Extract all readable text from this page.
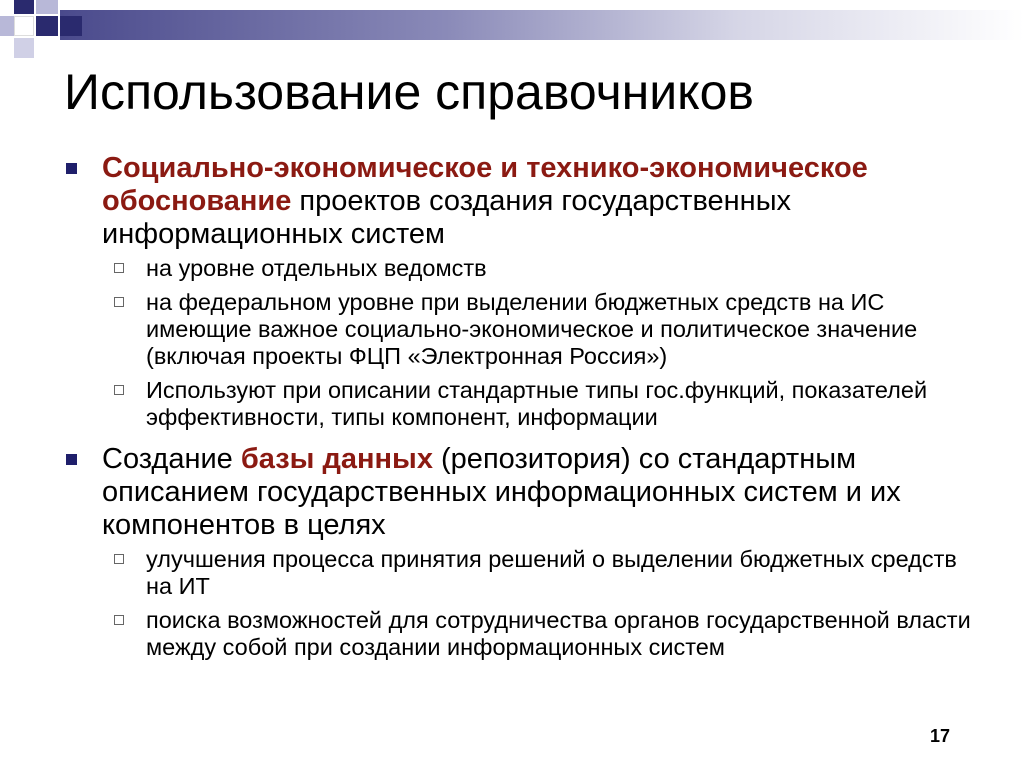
Использование справочников
Социально-экономическое и технико-экономическое обоснование проектов создания государственных информационных систем
на уровне отдельных ведомств
на федеральном уровне при выделении бюджетных средств на ИС имеющие важное социально-экономическое и политическое значение (включая проекты ФЦП «Электронная Россия»)
Используют при описании стандартные типы гос.функций, показателей эффективности, типы компонент, информации
Создание базы данных (репозитория) со стандартным описанием государственных информационных систем и их компонентов в целях
улучшения процесса принятия решений о выделении бюджетных средств на ИТ
поиска возможностей для сотрудничества органов государственной власти между собой при создании информационных систем
17
